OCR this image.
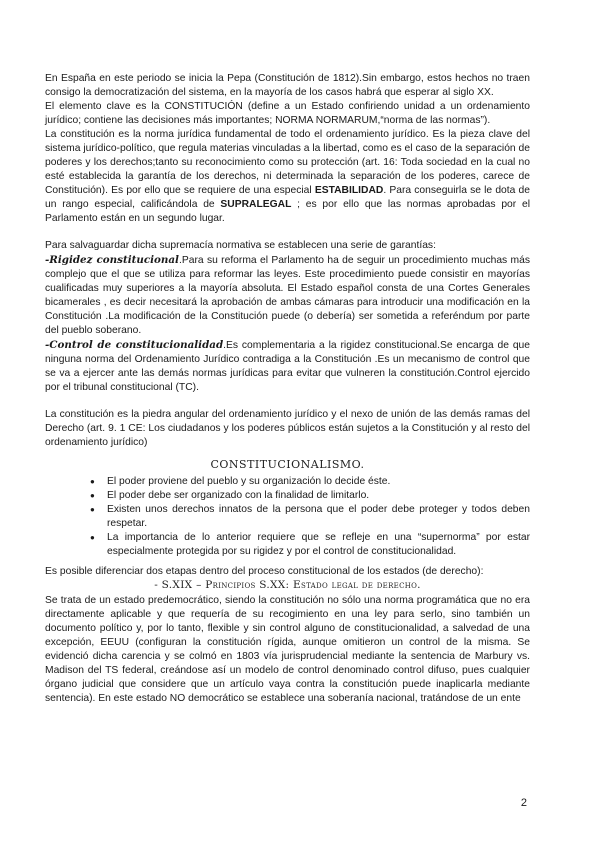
En España en este periodo se inicia la Pepa (Constitución de 1812).Sin embargo, estos hechos no traen consigo la democratización del sistema, en la mayoría de los casos habrá que esperar al siglo XX.

El elemento clave es la CONSTITUCIÓN (define a un Estado confiriendo unidad a un ordenamiento jurídico; contiene las decisiones más importantes; NORMA NORMARUM,“norma de las normas”).

La constitución es la norma jurídica fundamental de todo el ordenamiento jurídico. Es la pieza clave del sistema jurídico-político, que regula materias vinculadas a la libertad, como es el caso de la separación de poderes y los derechos;tanto su reconocimiento como su protección (art. 16: Toda sociedad en la cual no esté establecida la garantía de los derechos, ni determinada la separación de los poderes, carece de Constitución). Es por ello que se requiere de una especial ESTABILIDAD. Para conseguirla se le dota de un rango especial, calificándola de SUPRALEGAL ; es por ello que las normas aprobadas por el Parlamento están en un segundo lugar.

Para salvaguardar dicha supremacía normativa se establecen una serie de garantías:

-Rigidez constitucional.Para su reforma el Parlamento ha de seguir un procedimiento muchas más complejo que el que se utiliza para reformar las leyes. Este procedimiento puede consistir en mayorías cualificadas muy superiores a la mayoría absoluta. El Estado español consta de una Cortes Generales bicamerales , es decir necesitará la aprobación de ambas cámaras para introducir una modificación en la Constitución .La modificación de la Constitución puede (o debería) ser sometida a referéndum por parte del pueblo soberano.

-Control de constitucionalidad.Es complementaria a la rigidez constitucional.Se encarga de que ninguna norma del Ordenamiento Jurídico contradiga a la Constitución .Es un mecanismo de control que se va a ejercer ante las demás normas jurídicas para evitar que vulneren la constitución.Control ejercido por el tribunal constitucional (TC).

La constitución es la piedra angular del ordenamiento jurídico y el nexo de unión de las demás ramas del Derecho (art. 9. 1 CE: Los ciudadanos y los poderes públicos están sujetos a la Constitución y al resto del ordenamiento jurídico)

CONSTITUCIONALISMO.
● El poder proviene del pueblo y su organización lo decide éste.
● El poder debe ser organizado con la finalidad de limitarlo.
● Existen unos derechos innatos de la persona que el poder debe proteger y todos deben respetar.
● La importancia de lo anterior requiere que se refleje en una “supernorma” por estar especialmente protegida por su rigidez y por el control de constitucionalidad.

Es posible diferenciar dos etapas dentro del proceso constitucional de los estados (de derecho):

- S.XIX – Principios S.XX: Estado legal de derecho.

Se trata de un estado predemocrático, siendo la constitución no sólo una norma programática que no era directamente aplicable y que requería de su recogimiento en una ley para serlo, sino también un documento político y, por lo tanto, flexible y sin control alguno de constitucionalidad, a salvedad de una excepción, EEUU (configuran la constitución rígida, aunque omitieron un control de la misma. Se evidenció dicha carencia y se colmó en 1803 vía jurisprudencial mediante la sentencia de Marbury vs. Madison del TS federal, creándose así un modelo de control denominado control difuso, pues cualquier órgano judicial que considere que un artículo vaya contra la constitución puede inaplicarla mediante sentencia). En este estado NO democrático se establece una soberanía nacional, tratándose de un ente

2
